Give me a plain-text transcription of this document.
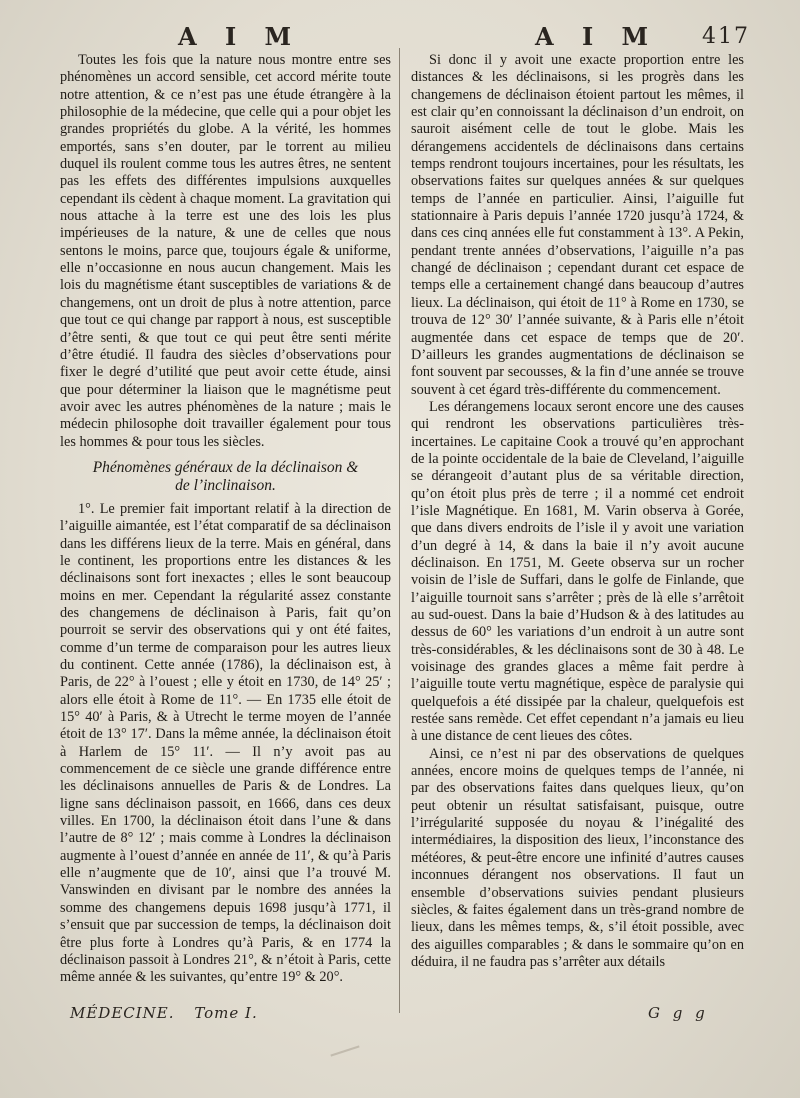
A I M	A I M 417

Toutes les fois que la nature nous montre entre ses phénomènes un accord sensible, cet accord mérite toute notre attention, & ce n’est pas une étude étrangère à la philosophie de la médecine, que celle qui a pour objet les grandes propriétés du globe. A la vérité, les hommes emportés, sans s’en douter, par le torrent au milieu duquel ils roulent comme tous les autres êtres, ne sentent pas les effets des différentes impulsions auxquelles cependant ils cèdent à chaque moment. La gravitation qui nous attache à la terre est une des lois les plus impérieuses de la nature, & une de celles que nous sentons le moins, parce que, toujours égale & uniforme, elle n’occasionne en nous aucun changement. Mais les lois du magnétisme étant susceptibles de variations & de changemens, ont un droit de plus à notre attention, parce que tout ce qui change par rapport à nous, est susceptible d’être senti, & que tout ce qui peut être senti mérite d’être étudié. Il faudra des siècles d’observations pour fixer le degré d’utilité que peut avoir cette étude, ainsi que pour déterminer la liaison que le magnétisme peut avoir avec les autres phénomènes de la nature ; mais le médecin philosophe doit travailler également pour tous les hommes & pour tous les siècles.

Phénomènes généraux de la déclinaison &
de l’inclinaison.

1°. Le premier fait important relatif à la direction de l’aiguille aimantée, est l’état comparatif de sa déclinaison dans les différens lieux de la terre. Mais en général, dans le continent, les proportions entre les distances & les déclinaisons sont fort inexactes ; elles le sont beaucoup moins en mer. Cependant la régularité assez constante des changemens de déclinaison à Paris, fait qu’on pourroit se servir des observations qui y ont été faites, comme d’un terme de comparaison pour les autres lieux du continent. Cette année (1786), la déclinaison est, à Paris, de 22° à l’ouest ; elle y étoit en 1730, de 14° 25′ ; alors elle étoit à Rome de 11°. — En 1735 elle étoit de 15° 40′ à Paris, & à Utrecht le terme moyen de l’année étoit de 13° 17′. Dans la même année, la déclinaison étoit à Harlem de 15° 11′. — Il n’y avoit pas au commencement de ce siècle une grande différence entre les déclinaisons annuelles de Paris & de Londres. La ligne sans déclinaison passoit, en 1666, dans ces deux villes. En 1700, la déclinaison étoit dans l’une & dans l’autre de 8° 12′ ; mais comme à Londres la déclinaison augmente à l’ouest d’année en année de 11′, & qu’à Paris elle n’augmente que de 10′, ainsi que l’a trouvé M. Vanswinden en divisant par le nombre des années la somme des changemens depuis 1698 jusqu’à 1771, il s’ensuit que par succession de temps, la déclinaison doit être plus forte à Londres qu’à Paris, & en 1774 la déclinaison passoit à Londres 21°, & n’étoit à Paris, cette même année & les suivantes, qu’entre 19° & 20°.

Si donc il y avoit une exacte proportion entre les distances & les déclinaisons, si les progrès dans les changemens de déclinaison étoient partout les mêmes, il est clair qu’en connoissant la déclinaison d’un endroit, on sauroit aisément celle de tout le globe. Mais les dérangemens accidentels de déclinaisons dans certains temps rendront toujours incertaines, pour les résultats, les observations faites sur quelques années & sur quelques temps de l’année en particulier. Ainsi, l’aiguille fut stationnaire à Paris depuis l’année 1720 jusqu’à 1724, & dans ces cinq années elle fut constamment à 13°. A Pekin, pendant trente années d’observations, l’aiguille n’a pas changé de déclinaison ; cependant durant cet espace de temps elle a certainement changé dans beaucoup d’autres lieux. La déclinaison, qui étoit de 11° à Rome en 1730, se trouva de 12° 30′ l’année suivante, & à Paris elle n’étoit augmentée dans cet espace de temps que de 20′. D’ailleurs les grandes augmentations de déclinaison se font souvent par secousses, & la fin d’une année se trouve souvent à cet égard très-différente du commencement.

Les dérangemens locaux seront encore une des causes qui rendront les observations particulières très-incertaines. Le capitaine Cook a trouvé qu’en approchant de la pointe occidentale de la baie de Cleveland, l’aiguille se dérangeoit d’autant plus de sa véritable direction, qu’on étoit plus près de terre ; il a nommé cet endroit l’isle Magnétique. En 1681, M. Varin observa à Gorée, que dans divers endroits de l’isle il y avoit une variation d’un degré à 14, & dans la baie il n’y avoit aucune déclinaison. En 1751, M. Geete observa sur un rocher voisin de l’isle de Suffari, dans le golfe de Finlande, que l’aiguille tournoit sans s’arrêter ; près de là elle s’arrêtoit au sud-ouest. Dans la baie d’Hudson & à des latitudes au dessus de 60° les variations d’un endroit à un autre sont très-considérables, & les déclinaisons sont de 30 à 48. Le voisinage des grandes glaces a même fait perdre à l’aiguille toute vertu magnétique, espèce de paralysie qui quelquefois a été dissipée par la chaleur, quelquefois est restée sans remède. Cet effet cependant n’a jamais eu lieu à une distance de cent lieues des côtes.

Ainsi, ce n’est ni par des observations de quelques années, encore moins de quelques temps de l’année, ni par des observations faites dans quelques lieux, qu’on peut obtenir un résultat satisfaisant, puisque, outre l’irrégularité supposée du noyau & l’inégalité des intermédiaires, la disposition des lieux, l’inconstance des météores, & peut-être encore une infinité d’autres causes inconnues dérangent nos observations. Il faut un ensemble d’observations suivies pendant plusieurs siècles, & faites également dans un très-grand nombre de lieux, dans les mêmes temps, &, s’il étoit possible, avec des aiguilles comparables ; & dans le sommaire qu’on en déduira, il ne faudra pas s’arrêter aux détails

MÉDECINE. Tome I.	G g g
